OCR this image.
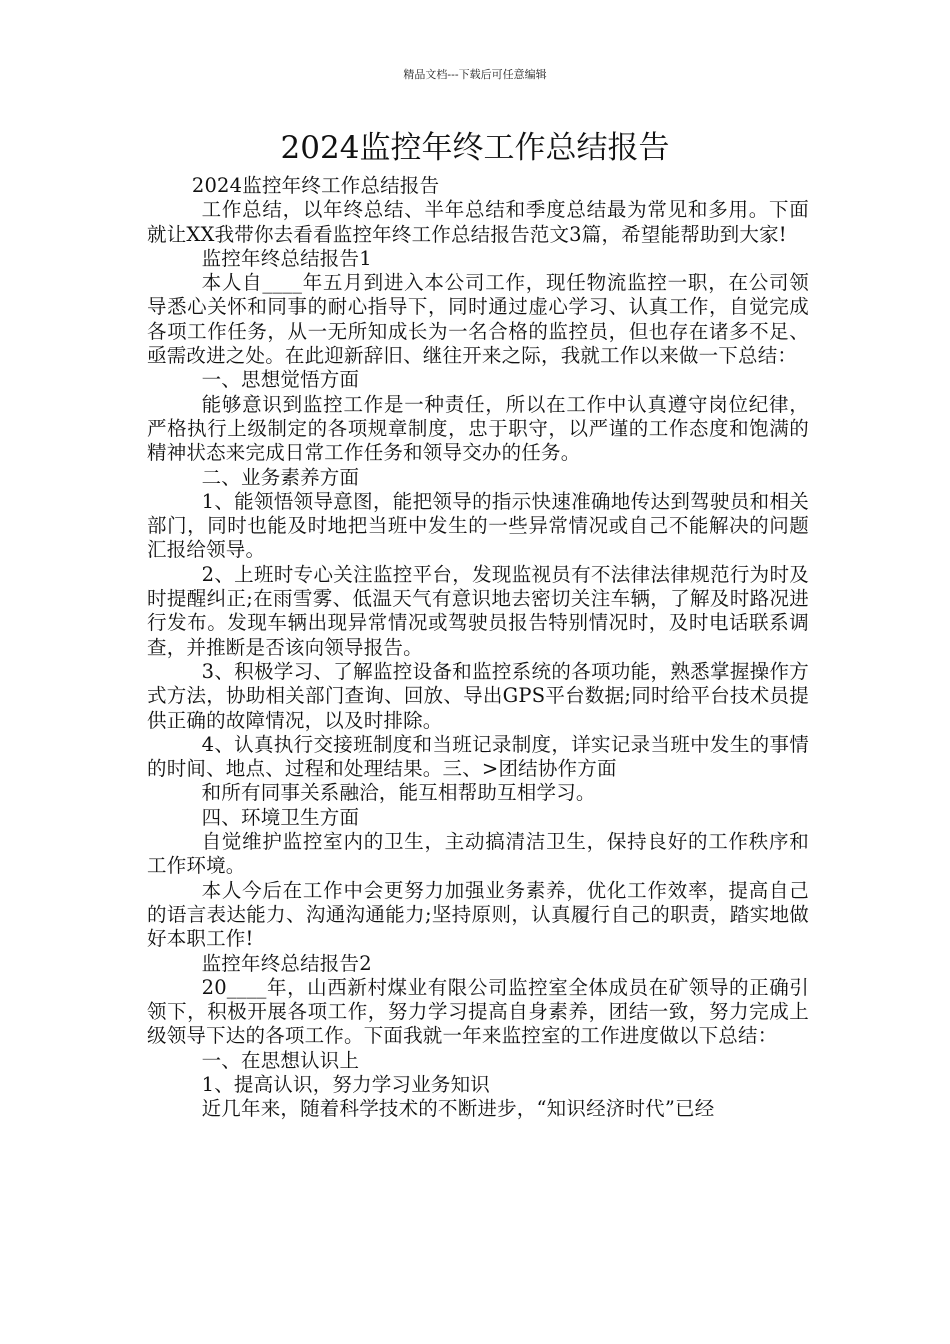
精品文档---下载后可任意编辑
2024监控年终工作总结报告

2024监控年终工作总结报告

工作总结，以年终总结、半年总结和季度总结最为常见和多用。下面就让XX我带你去看看监控年终工作总结报告范文3篇，希望能帮助到大家!

监控年终总结报告1

本人自____年五月到进入本公司工作，现任物流监控一职，在公司领导悉心关怀和同事的耐心指导下，同时通过虚心学习、认真工作，自觉完成各项工作任务，从一无所知成长为一名合格的监控员，但也存在诸多不足、亟需改进之处。在此迎新辞旧、继往开来之际，我就工作以来做一下总结：

一、思想觉悟方面

能够意识到监控工作是一种责任，所以在工作中认真遵守岗位纪律，严格执行上级制定的各项规章制度，忠于职守，以严谨的工作态度和饱满的精神状态来完成日常工作任务和领导交办的任务。

二、业务素养方面

1、能领悟领导意图，能把领导的指示快速准确地传达到驾驶员和相关部门，同时也能及时地把当班中发生的一些异常情况或自己不能解决的问题汇报给领导。

2、上班时专心关注监控平台，发现监视员有不法律法律规范行为时及时提醒纠正;在雨雪雾、低温天气有意识地去密切关注车辆，了解及时路况进行发布。发现车辆出现异常情况或驾驶员报告特别情况时，及时电话联系调查，并推断是否该向领导报告。

3、积极学习、了解监控设备和监控系统的各项功能，熟悉掌握操作方式方法，协助相关部门查询、回放、导出GPS平台数据;同时给平台技术员提供正确的故障情况，以及时排除。

4、认真执行交接班制度和当班记录制度，详实记录当班中发生的事情的时间、地点、过程和处理结果。三、>团结协作方面

和所有同事关系融洽，能互相帮助互相学习。

四、环境卫生方面

自觉维护监控室内的卫生，主动搞清洁卫生，保持良好的工作秩序和工作环境。

本人今后在工作中会更努力加强业务素养，优化工作效率，提高自己的语言表达能力、沟通沟通能力;坚持原则，认真履行自己的职责，踏实地做好本职工作!

监控年终总结报告2

20____年，山西新村煤业有限公司监控室全体成员在矿领导的正确引领下，积极开展各项工作，努力学习提高自身素养，团结一致，努力完成上级领导下达的各项工作。下面我就一年来监控室的工作进度做以下总结：

一、在思想认识上

1、提高认识，努力学习业务知识

近几年来，随着科学技术的不断进步，“知识经济时代”已经
